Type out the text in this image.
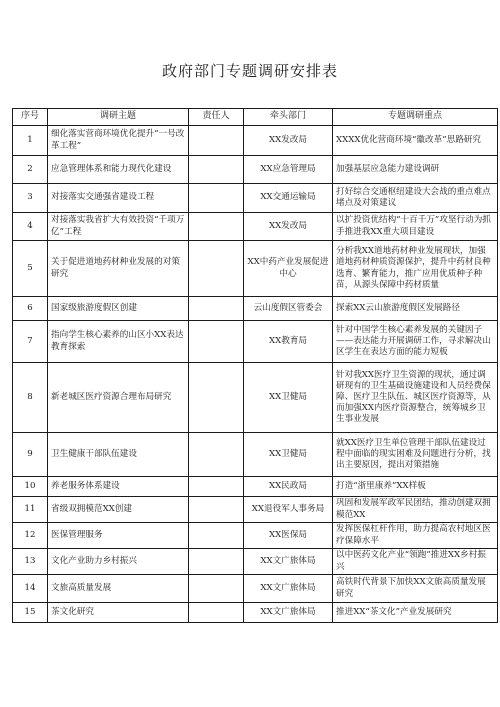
政府部门专题调研安排表
序号	调研主题	责任人	牵头部门	专题调研重点
1	细化落实营商环境优化提升“一号改革工程”		XX发改局	XXXX优化营商环境“徽改革”思路研究
2	应急管理体系和能力现代化建设		XX应急管理局	加强基层应急能力建设调研
3	对接落实交通强省建设工程		XX交通运输局	打好综合交通枢纽建设大会战的重点难点堵点及对策建议
4	对接落实我省扩大有效投资“千项万亿”工程		XX发改局	以扩投资优结构“十百千万”攻坚行动为抓手推进我XX重大项目建设
5	关于促进道地药材种业发展的对策研究		XX中药产业发展促进中心	分析我XX道地药材种业发展现状，加强道地药材种质资源保护，提升中药材良种选育、繁育能力，推广应用优质种子种苗，从源头保障中药材质量
6	国家级旅游度假区创建		云山度假区管委会	探索XX云山旅游度假区发展路径
7	指向学生核心素养的山区小XX表达教育探索		XX教育局	针对中国学生核心素养发展的关键因子——表达能力开展调研工作，寻求解决山区学生在表达方面的能力短板
8	新老城区医疗资源合理布局研究		XX卫健局	针对我XX医疗卫生资源的现状，通过调研现有的卫生基础设施建设和人员经费保障、医疗卫生队伍、城区医疗资源等，从而加强XX内医疗资源整合，统筹城乡卫生事业发展
9	卫生健康干部队伍建设		XX卫健局	就XX医疗卫生单位管理干部队伍建设过程中面临的现实困难及问题进行分析，找出主要原因，提出对策措施
10	养老服务体系建设		XX民政局	打造“浙里康养”XX样板
11	省级双拥模范XX创建		XX退役军人事务局	巩固和发展军政军民团结，推动创建双拥模范XX
12	医保管理服务		XX医保局	发挥医保杠杆作用，助力提高农村地区医疗保障水平
13	文化产业助力乡村振兴		XX文广旅体局	以中医药文化产业“领跑”推进XX乡村振兴
14	文旅高质量发展		XX文广旅体局	高铁时代背景下加快XX文旅高质量发展研究
15	茶文化研究		XX文广旅体局	推进XX“茶文化”产业发展研究
